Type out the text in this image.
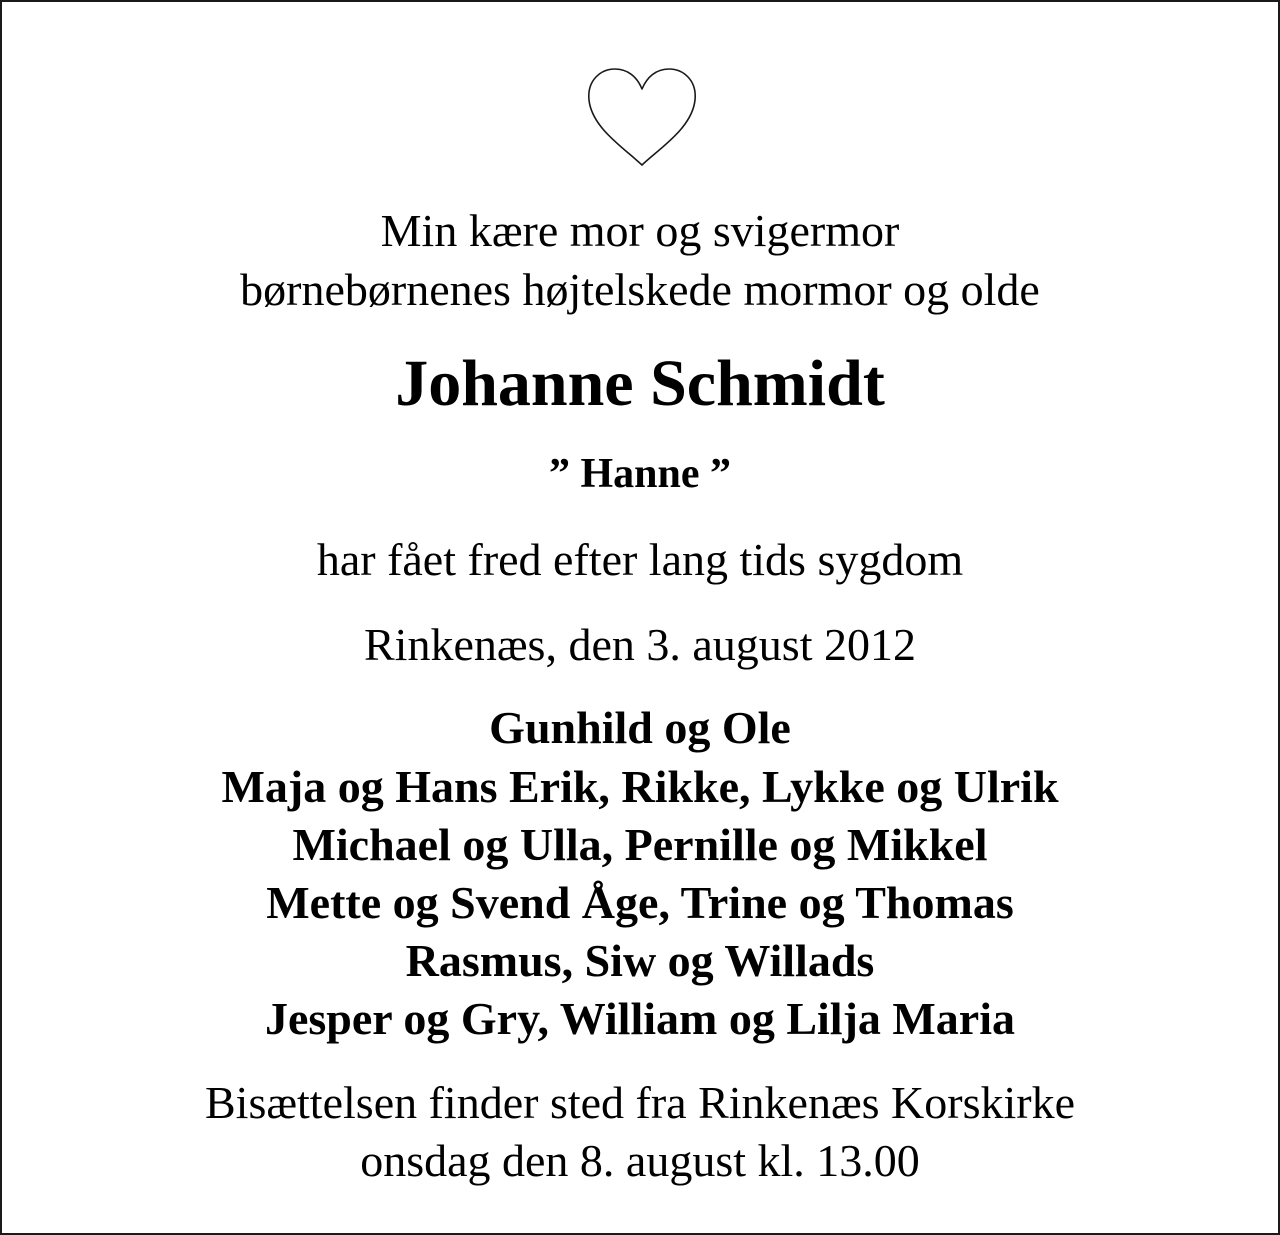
Min kære mor og svigermor
børnebørnenes højtelskede mormor og olde
Johanne Schmidt
” Hanne ”
har fået fred efter lang tids sygdom
Rinkenæs, den 3. august 2012
Gunhild og Ole
Maja og Hans Erik, Rikke, Lykke og Ulrik
Michael og Ulla, Pernille og Mikkel
Mette og Svend Åge, Trine og Thomas
Rasmus, Siw og Willads
Jesper og Gry, William og Lilja Maria
Bisættelsen finder sted fra Rinkenæs Korskirke
onsdag den 8. august kl. 13.00
